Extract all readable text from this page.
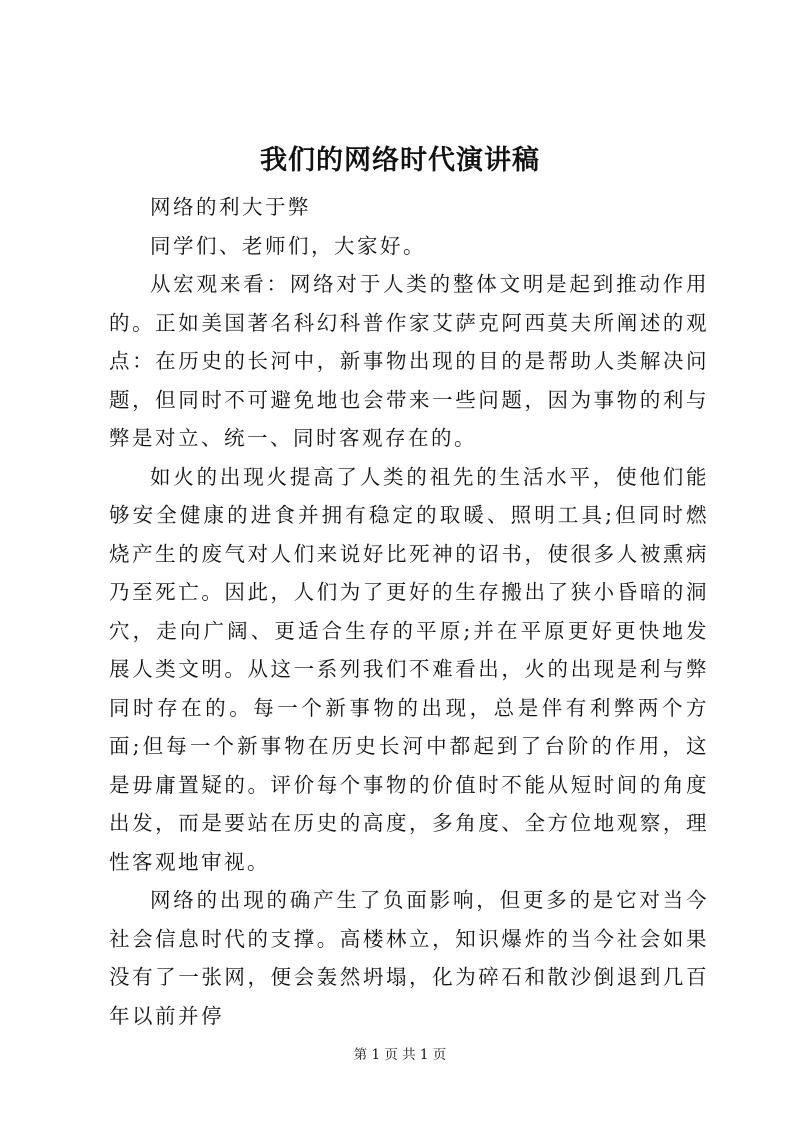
我们的网络时代演讲稿

网络的利大于弊

同学们、老师们，大家好。

从宏观来看：网络对于人类的整体文明是起到推动作用的。正如美国著名科幻科普作家艾萨克阿西莫夫所阐述的观点：在历史的长河中，新事物出现的目的是帮助人类解决问题，但同时不可避免地也会带来一些问题，因为事物的利与弊是对立、统一、同时客观存在的。

如火的出现火提高了人类的祖先的生活水平，使他们能够安全健康的进食并拥有稳定的取暖、照明工具;但同时燃烧产生的废气对人们来说好比死神的诏书，使很多人被熏病乃至死亡。因此，人们为了更好的生存搬出了狭小昏暗的洞穴，走向广阔、更适合生存的平原;并在平原更好更快地发展人类文明。从这一系列我们不难看出，火的出现是利与弊同时存在的。每一个新事物的出现，总是伴有利弊两个方面;但每一个新事物在历史长河中都起到了台阶的作用，这是毋庸置疑的。评价每个事物的价值时不能从短时间的角度出发，而是要站在历史的高度，多角度、全方位地观察，理性客观地审视。

网络的出现的确产生了负面影响，但更多的是它对当今社会信息时代的支撑。高楼林立，知识爆炸的当今社会如果没有了一张网，便会轰然坍塌，化为碎石和散沙倒退到几百年以前并停

第 1 页 共 1 页
